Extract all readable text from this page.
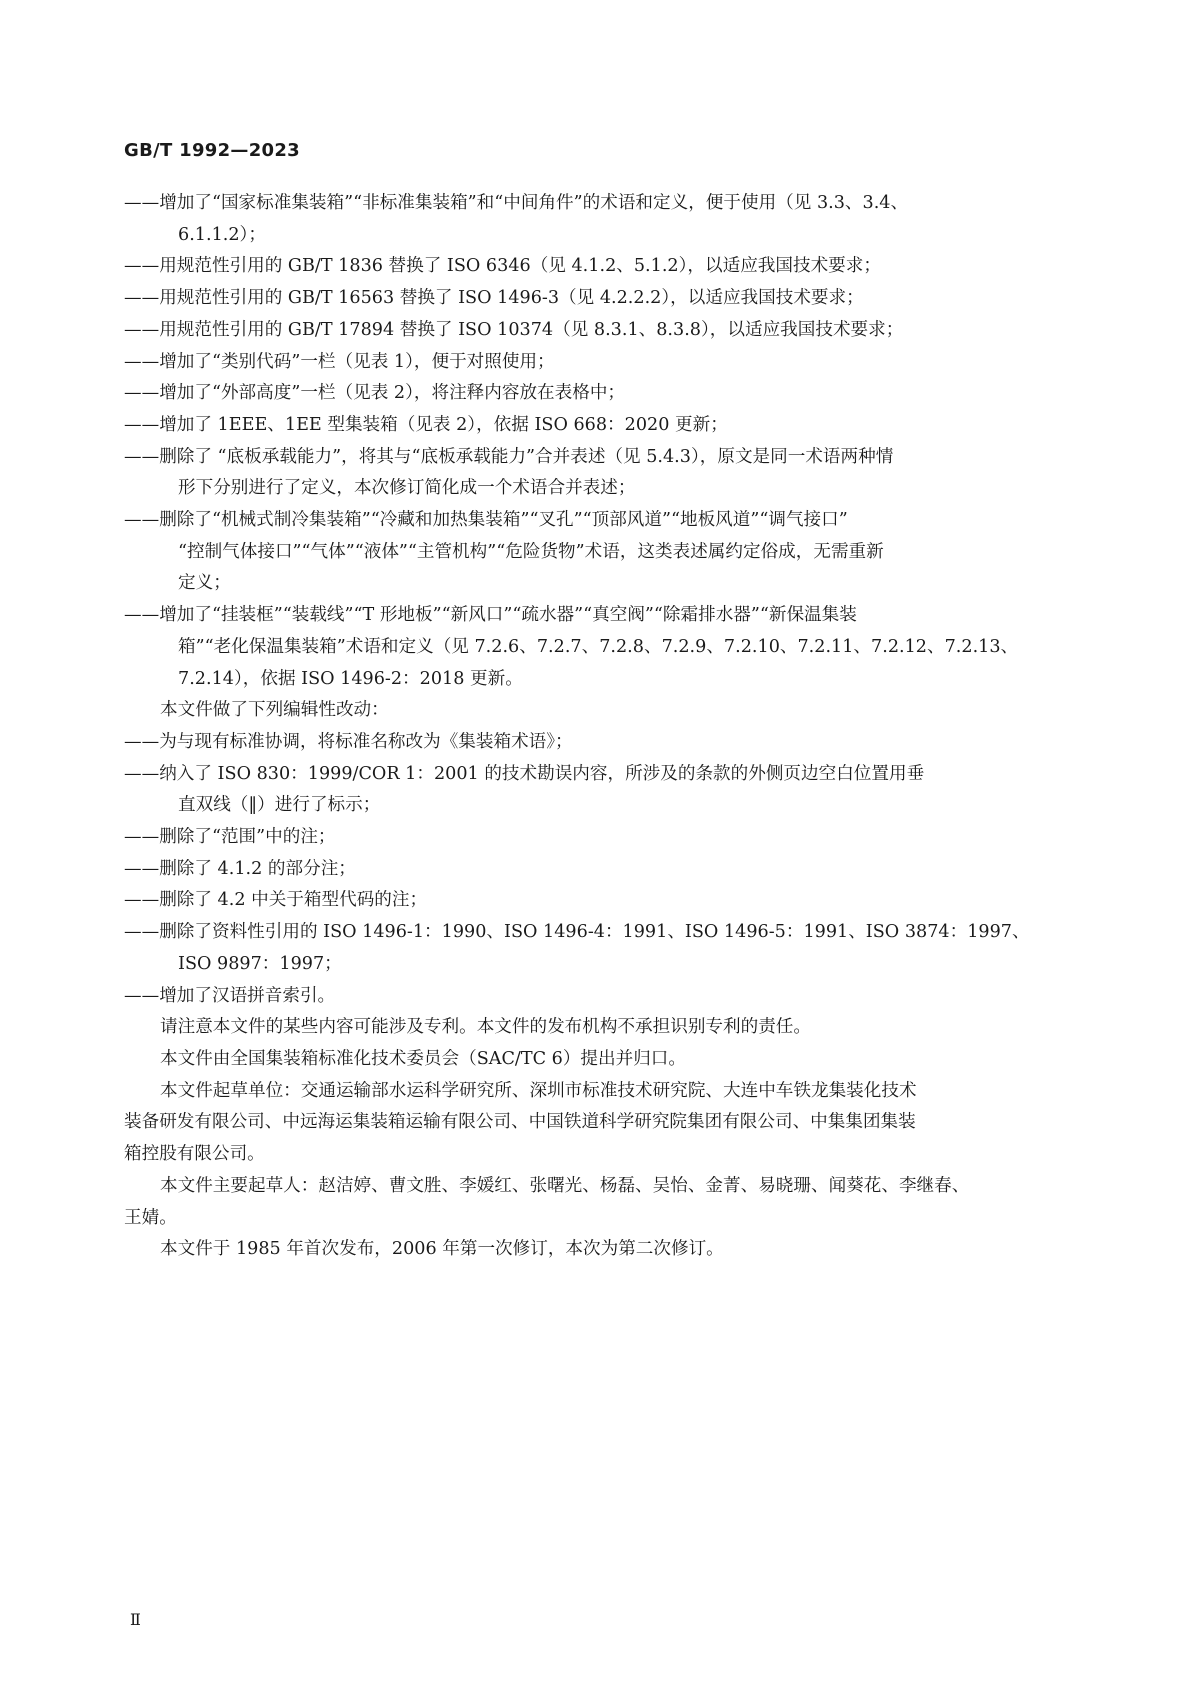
GB/T 1992—2023

——增加了“国家标准集装箱”“非标准集装箱”和“中间角件”的术语和定义，便于使用（见 3.3、3.4、

6.1.1.2）；

——用规范性引用的 GB/T 1836 替换了 ISO 6346（见 4.1.2、5.1.2），以适应我国技术要求；

——用规范性引用的 GB/T 16563 替换了 ISO 1496-3（见 4.2.2.2），以适应我国技术要求；

——用规范性引用的 GB/T 17894 替换了 ISO 10374（见 8.3.1、8.3.8），以适应我国技术要求；

——增加了“类别代码”一栏（见表 1），便于对照使用；

——增加了“外部高度”一栏（见表 2），将注释内容放在表格中；

——增加了 1EEE、1EE 型集装箱（见表 2），依据 ISO 668：2020 更新；

——删除了 “底板承载能力”，将其与“底板承载能力”合并表述（见 5.4.3），原文是同一术语两种情

形下分别进行了定义，本次修订简化成一个术语合并表述；

——删除了“机械式制冷集装箱”“冷藏和加热集装箱”“叉孔”“顶部风道”“地板风道”“调气接口”

“控制气体接口”“气体”“液体”“主管机构”“危险货物”术语，这类表述属约定俗成，无需重新

定义；

——增加了“挂装框”“装载线”“T 形地板”“新风口”“疏水器”“真空阀”“除霜排水器”“新保温集装

箱”“老化保温集装箱”术语和定义（见 7.2.6、7.2.7、7.2.8、7.2.9、7.2.10、7.2.11、7.2.12、7.2.13、

7.2.14），依据 ISO 1496-2：2018 更新。

本文件做了下列编辑性改动：

——为与现有标准协调，将标准名称改为《集装箱术语》；

——纳入了 ISO 830：1999/COR 1：2001 的技术勘误内容，所涉及的条款的外侧页边空白位置用垂

直双线（‖）进行了标示；

——删除了“范围”中的注；

——删除了 4.1.2 的部分注；

——删除了 4.2 中关于箱型代码的注；

——删除了资料性引用的 ISO 1496-1：1990、ISO 1496-4：1991、ISO 1496-5：1991、ISO 3874：1997、

ISO 9897：1997；

——增加了汉语拼音索引。

请注意本文件的某些内容可能涉及专利。本文件的发布机构不承担识别专利的责任。

本文件由全国集装箱标准化技术委员会（SAC/TC 6）提出并归口。

本文件起草单位：交通运输部水运科学研究所、深圳市标准技术研究院、大连中车铁龙集装化技术

装备研发有限公司、中远海运集装箱运输有限公司、中国铁道科学研究院集团有限公司、中集集团集装

箱控股有限公司。

本文件主要起草人：赵洁婷、曹文胜、李媛红、张曙光、杨磊、吴怡、金菁、易晓珊、闻葵花、李继春、

王婧。

本文件于 1985 年首次发布，2006 年第一次修订，本次为第二次修订。

Ⅱ
